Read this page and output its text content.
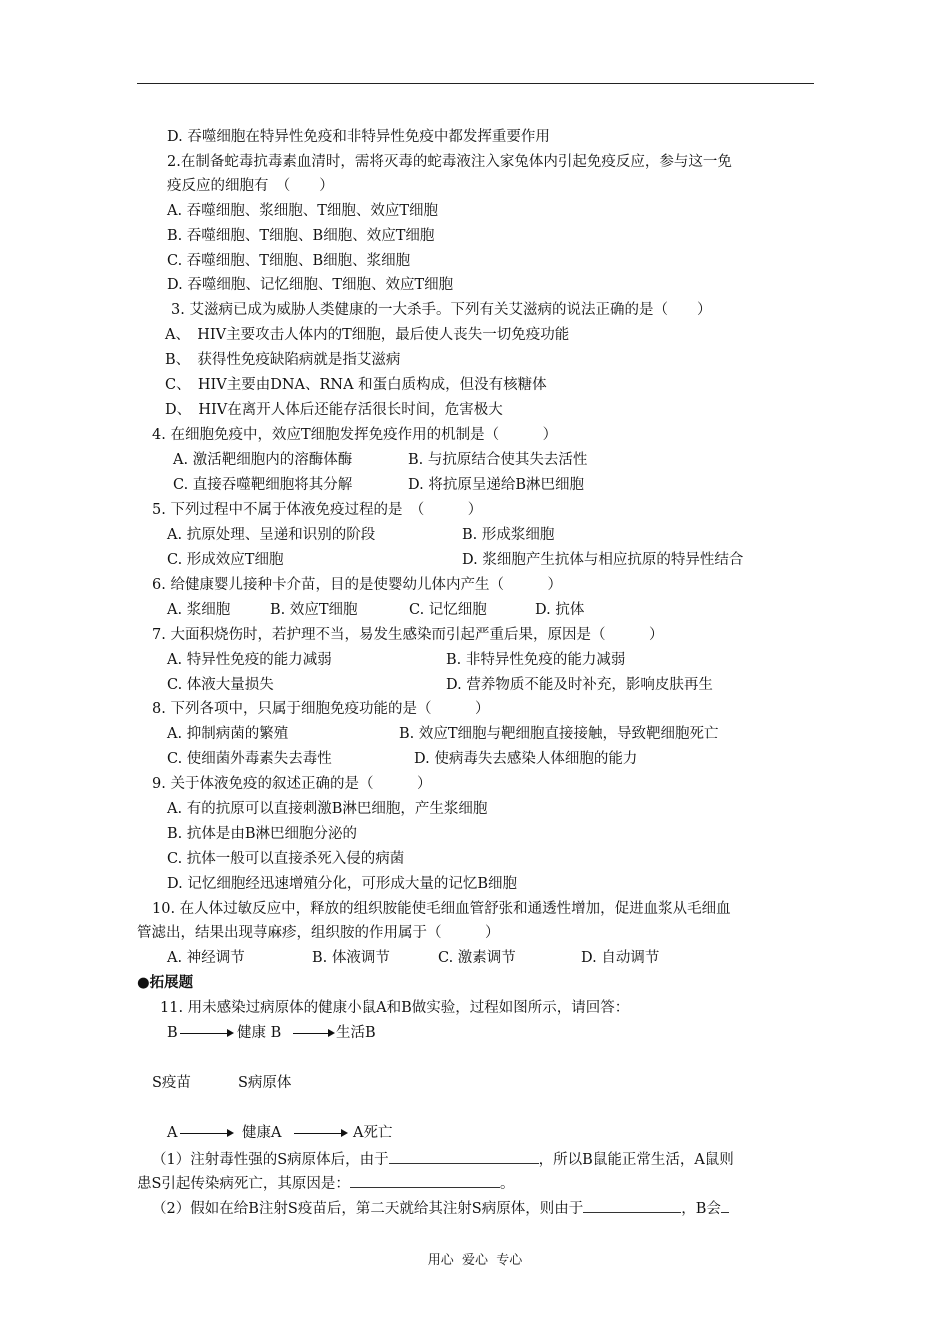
D. 吞噬细胞在特异性免疫和非特异性免疫中都发挥重要作用
2.在制备蛇毒抗毒素血清时，需将灭毒的蛇毒液注入家兔体内引起免疫反应，参与这一免
疫反应的细胞有　（　　）
A. 吞噬细胞、浆细胞、T细胞、效应T细胞
B. 吞噬细胞、T细胞、B细胞、效应T细胞
C. 吞噬细胞、T细胞、B细胞、浆细胞
D. 吞噬细胞、记忆细胞、T细胞、效应T细胞
3. 艾滋病已成为威胁人类健康的一大杀手。下列有关艾滋病的说法正确的是（　　）
A、　HIV主要攻击人体内的T细胞，最后使人丧失一切免疫功能
B、　获得性免疫缺陷病就是指艾滋病
C、　HIV主要由DNA、RNA 和蛋白质构成，但没有核糖体
D、　HIV在离开人体后还能存活很长时间，危害极大
4. 在细胞免疫中，效应T细胞发挥免疫作用的机制是（　　　）
A. 激活靶细胞内的溶酶体酶	B. 与抗原结合使其失去活性
C. 直接吞噬靶细胞将其分解	D. 将抗原呈递给B淋巴细胞
5. 下列过程中不属于体液免疫过程的是　（　　　）
A. 抗原处理、呈递和识别的阶段	B. 形成浆细胞
C. 形成效应T细胞	D. 浆细胞产生抗体与相应抗原的特异性结合
6. 给健康婴儿接种卡介苗，目的是使婴幼儿体内产生（　　　）
A. 浆细胞	B. 效应T细胞	C. 记忆细胞	D. 抗体
7. 大面积烧伤时，若护理不当，易发生感染而引起严重后果，原因是（　　　）
A. 特异性免疫的能力减弱	B. 非特异性免疫的能力减弱
C. 体液大量损失	D. 营养物质不能及时补充，影响皮肤再生
8. 下列各项中，只属于细胞免疫功能的是（　　　）
A. 抑制病菌的繁殖	B. 效应T细胞与靶细胞直接接触，导致靶细胞死亡
C. 使细菌外毒素失去毒性	D. 使病毒失去感染人体细胞的能力
9. 关于体液免疫的叙述正确的是（　　　）
A. 有的抗原可以直接刺激B淋巴细胞，产生浆细胞
B. 抗体是由B淋巴细胞分泌的
C. 抗体一般可以直接杀死入侵的病菌
D. 记忆细胞经迅速增殖分化，可形成大量的记忆B细胞
10. 在人体过敏反应中，释放的组织胺能使毛细血管舒张和通透性增加，促进血浆从毛细血
管滤出，结果出现荨麻疹，组织胺的作用属于（　　　）
A. 神经调节	B. 体液调节	C. 激素调节	D. 自动调节
●拓展题
11. 用未感染过病原体的健康小鼠A和B做实验，过程如图所示，请回答：
B	健康 B	生活B
S疫苗	S病原体
A	健康A	A死亡
（1）注射毒性强的S病原体后，由于	，所以B鼠能正常生活，A鼠则
患S引起传染病死亡，其原因是：	。
（2）假如在给B注射S疫苗后，第二天就给其注射S病原体，则由于	，B会
用心  爱心  专心
